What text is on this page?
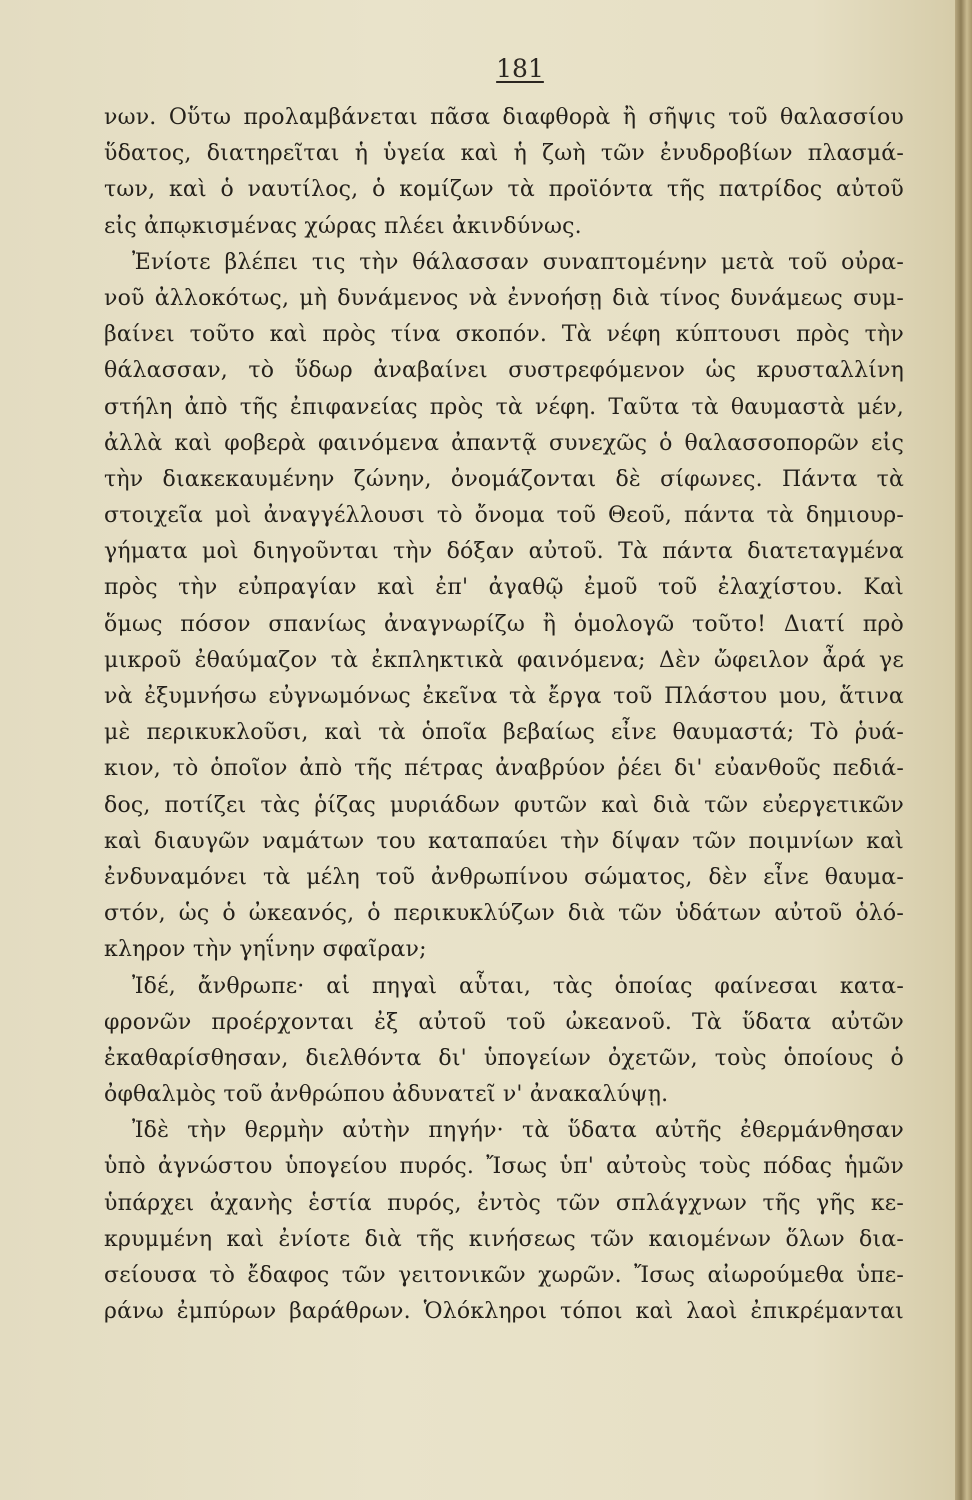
181
νων. Οὕτω προλαμβάνεται πᾶσα διαφθορὰ ἢ σῆψις τοῦ θαλασσίου
ὕδατος, διατηρεῖται ἡ ὑγεία καὶ ἡ ζωὴ τῶν ἐνυδροβίων πλασμά-
των, καὶ ὁ ναυτίλος, ὁ κομίζων τὰ προϊόντα τῆς πατρίδος αὐτοῦ
εἰς ἀπῳκισμένας χώρας πλέει ἀκινδύνως.
Ἐνίοτε βλέπει τις τὴν θάλασσαν συναπτομένην μετὰ τοῦ οὐρα-
νοῦ ἀλλοκότως, μὴ δυνάμενος νὰ ἐννοήσῃ διὰ τίνος δυνάμεως συμ-
βαίνει τοῦτο καὶ πρὸς τίνα σκοπόν. Τὰ νέφη κύπτουσι πρὸς τὴν
θάλασσαν, τὸ ὕδωρ ἀναβαίνει συστρεφόμενον ὡς κρυσταλλίνη
στήλη ἀπὸ τῆς ἐπιφανείας πρὸς τὰ νέφη. Ταῦτα τὰ θαυμαστὰ μέν,
ἀλλὰ καὶ φοβερὰ φαινόμενα ἀπαντᾷ συνεχῶς ὁ θαλασσοπορῶν εἰς
τὴν διακεκαυμένην ζώνην, ὀνομάζονται δὲ σίφωνες. Πάντα τὰ
στοιχεῖα μοὶ ἀναγγέλλουσι τὸ ὄνομα τοῦ Θεοῦ, πάντα τὰ δημιουρ-
γήματα μοὶ διηγοῦνται τὴν δόξαν αὐτοῦ. Τὰ πάντα διατεταγμένα
πρὸς τὴν εὐπραγίαν καὶ ἐπ' ἀγαθῷ ἐμοῦ τοῦ ἐλαχίστου. Καὶ
ὅμως πόσον σπανίως ἀναγνωρίζω ἢ ὁμολογῶ τοῦτο! Διατί πρὸ
μικροῦ ἐθαύμαζον τὰ ἐκπληκτικὰ φαινόμενα; Δὲν ὤφειλον ἆρά γε
νὰ ἐξυμνήσω εὐγνωμόνως ἐκεῖνα τὰ ἔργα τοῦ Πλάστου μου, ἅτινα
μὲ περικυκλοῦσι, καὶ τὰ ὁποῖα βεβαίως εἶνε θαυμαστά; Τὸ ῥυά-
κιον, τὸ ὁποῖον ἀπὸ τῆς πέτρας ἀναβρύον ῥέει δι' εὐανθοῦς πεδιά-
δος, ποτίζει τὰς ῥίζας μυριάδων φυτῶν καὶ διὰ τῶν εὐεργετικῶν
καὶ διαυγῶν ναμάτων του καταπαύει τὴν δίψαν τῶν ποιμνίων καὶ
ἐνδυναμόνει τὰ μέλη τοῦ ἀνθρωπίνου σώματος, δὲν εἶνε θαυμα-
στόν, ὡς ὁ ὠκεανός, ὁ περικυκλύζων διὰ τῶν ὑδάτων αὐτοῦ ὁλό-
κληρον τὴν γηΐνην σφαῖραν;
Ἰδέ, ἄνθρωπε· αἱ πηγαὶ αὗται, τὰς ὁποίας φαίνεσαι κατα-
φρονῶν προέρχονται ἐξ αὐτοῦ τοῦ ὠκεανοῦ. Τὰ ὕδατα αὐτῶν
ἐκαθαρίσθησαν, διελθόντα δι' ὑπογείων ὀχετῶν, τοὺς ὁποίους ὁ
ὀφθαλμὸς τοῦ ἀνθρώπου ἀδυνατεῖ ν' ἀνακαλύψῃ.
Ἰδὲ τὴν θερμὴν αὐτὴν πηγήν· τὰ ὕδατα αὐτῆς ἐθερμάνθησαν
ὑπὸ ἀγνώστου ὑπογείου πυρός. Ἴσως ὑπ' αὐτοὺς τοὺς πόδας ἡμῶν
ὑπάρχει ἀχανὴς ἑστία πυρός, ἐντὸς τῶν σπλάγχνων τῆς γῆς κε-
κρυμμένη καὶ ἐνίοτε διὰ τῆς κινήσεως τῶν καιομένων ὅλων δια-
σείουσα τὸ ἔδαφος τῶν γειτονικῶν χωρῶν. Ἴσως αἰωρούμεθα ὑπε-
ράνω ἐμπύρων βαράθρων. Ὁλόκληροι τόποι καὶ λαοὶ ἐπικρέμανται
